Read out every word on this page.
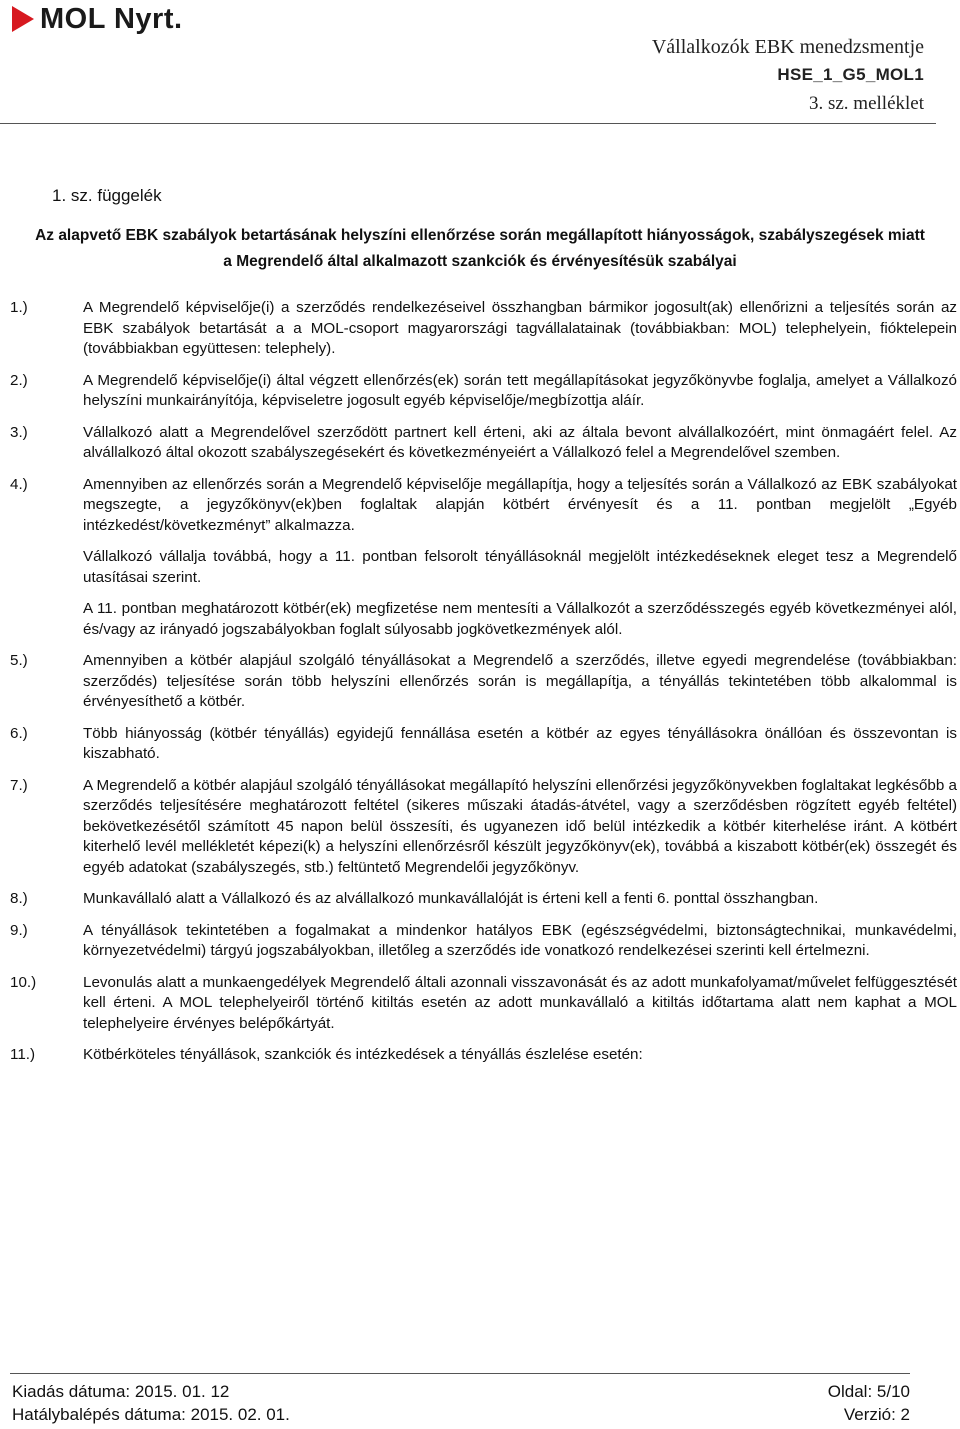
MOL Nyrt.
Vállalkozók EBK menedzsmentje
HSE_1_G5_MOL1
3. sz. melléklet
1. sz. függelék
Az alapvető EBK szabályok betartásának helyszíni ellenőrzése során megállapított hiányosságok, szabályszegések miatt a Megrendelő által alkalmazott szankciók és érvényesítésük szabályai
1.)	A Megrendelő képviselője(i) a szerződés rendelkezéseivel összhangban bármikor jogosult(ak) ellenőrizni a teljesítés során az EBK szabályok betartását a a MOL-csoport magyarországi tagvállalatainak (továbbiakban: MOL) telephelyein, fióktelepein (továbbiakban együttesen: telephely).

2.)	A Megrendelő képviselője(i) által végzett ellenőrzés(ek) során tett megállapításokat jegyzőkönyvbe foglalja, amelyet a Vállalkozó helyszíni munkairányítója, képviseletre jogosult egyéb képviselője/megbízottja aláír.

3.)	Vállalkozó alatt a Megrendelővel szerződött partnert kell érteni, aki az általa bevont alvállalkozóért, mint önmagáért felel. Az alvállalkozó által okozott szabályszegésekért és következményeiért a Vállalkozó felel a Megrendelővel szemben.

4.)	Amennyiben az ellenőrzés során a Megrendelő képviselője megállapítja, hogy a teljesítés során a Vállalkozó az EBK szabályokat megszegte, a jegyzőkönyv(ek)ben foglaltak alapján kötbért érvényesít és a 11. pontban megjelölt „Egyéb intézkedést/következményt” alkalmazza.

Vállalkozó vállalja továbbá, hogy a 11. pontban felsorolt tényállásoknál megjelölt intézkedéseknek eleget tesz a Megrendelő utasításai szerint.

A 11. pontban meghatározott kötbér(ek) megfizetése nem mentesíti a Vállalkozót a szerződésszegés egyéb következményei alól, és/vagy az irányadó jogszabályokban foglalt súlyosabb jogkövetkezmények alól.

5.)	Amennyiben a kötbér alapjául szolgáló tényállásokat a Megrendelő a szerződés, illetve egyedi megrendelése (továbbiakban: szerződés) teljesítése során több helyszíni ellenőrzés során is megállapítja, a tényállás tekintetében több alkalommal is érvényesíthető a kötbér.

6.)	Több hiányosság (kötbér tényállás) egyidejű fennállása esetén a kötbér az egyes tényállásokra önállóan és összevontan is kiszabható.

7.)	A Megrendelő a kötbér alapjául szolgáló tényállásokat megállapító helyszíni ellenőrzési jegyzőkönyvekben foglaltakat legkésőbb a szerződés teljesítésére meghatározott feltétel (sikeres műszaki átadás-átvétel, vagy a szerződésben rögzített egyéb feltétel) bekövetkezésétől számított 45 napon belül összesíti, és ugyanezen idő belül intézkedik a kötbér kiterhelése iránt. A kötbért kiterhelő levél mellékletét képezi(k) a helyszíni ellenőrzésről készült jegyzőkönyv(ek), továbbá a kiszabott kötbér(ek) összegét és egyéb adatokat (szabályszegés, stb.) feltüntető Megrendelői jegyzőkönyv.

8.)	Munkavállaló alatt a Vállalkozó és az alvállalkozó munkavállalóját is érteni kell a fenti 6. ponttal összhangban.

9.)	A tényállások tekintetében a fogalmakat a mindenkor hatályos EBK (egészségvédelmi, biztonságtechnikai, munkavédelmi, környezetvédelmi) tárgyú jogszabályokban, illetőleg a szerződés ide vonatkozó rendelkezései szerinti kell értelmezni.

10.)	Levonulás alatt a munkaengedélyek Megrendelő általi azonnali visszavonását és az adott munkafolyamat/művelet felfüggesztését kell érteni. A MOL telephelyeiről történő kitiltás esetén az adott munkavállaló a kitiltás időtartama alatt nem kaphat a MOL telephelyeire érvényes belépőkártyát.

11.)	Kötbérköteles tényállások, szankciók és intézkedések a tényállás észlelése esetén:

Kiadás dátuma: 2015. 01. 12	Oldal: 5/10
Hatálybalépés dátuma: 2015. 02. 01.	Verzió: 2
